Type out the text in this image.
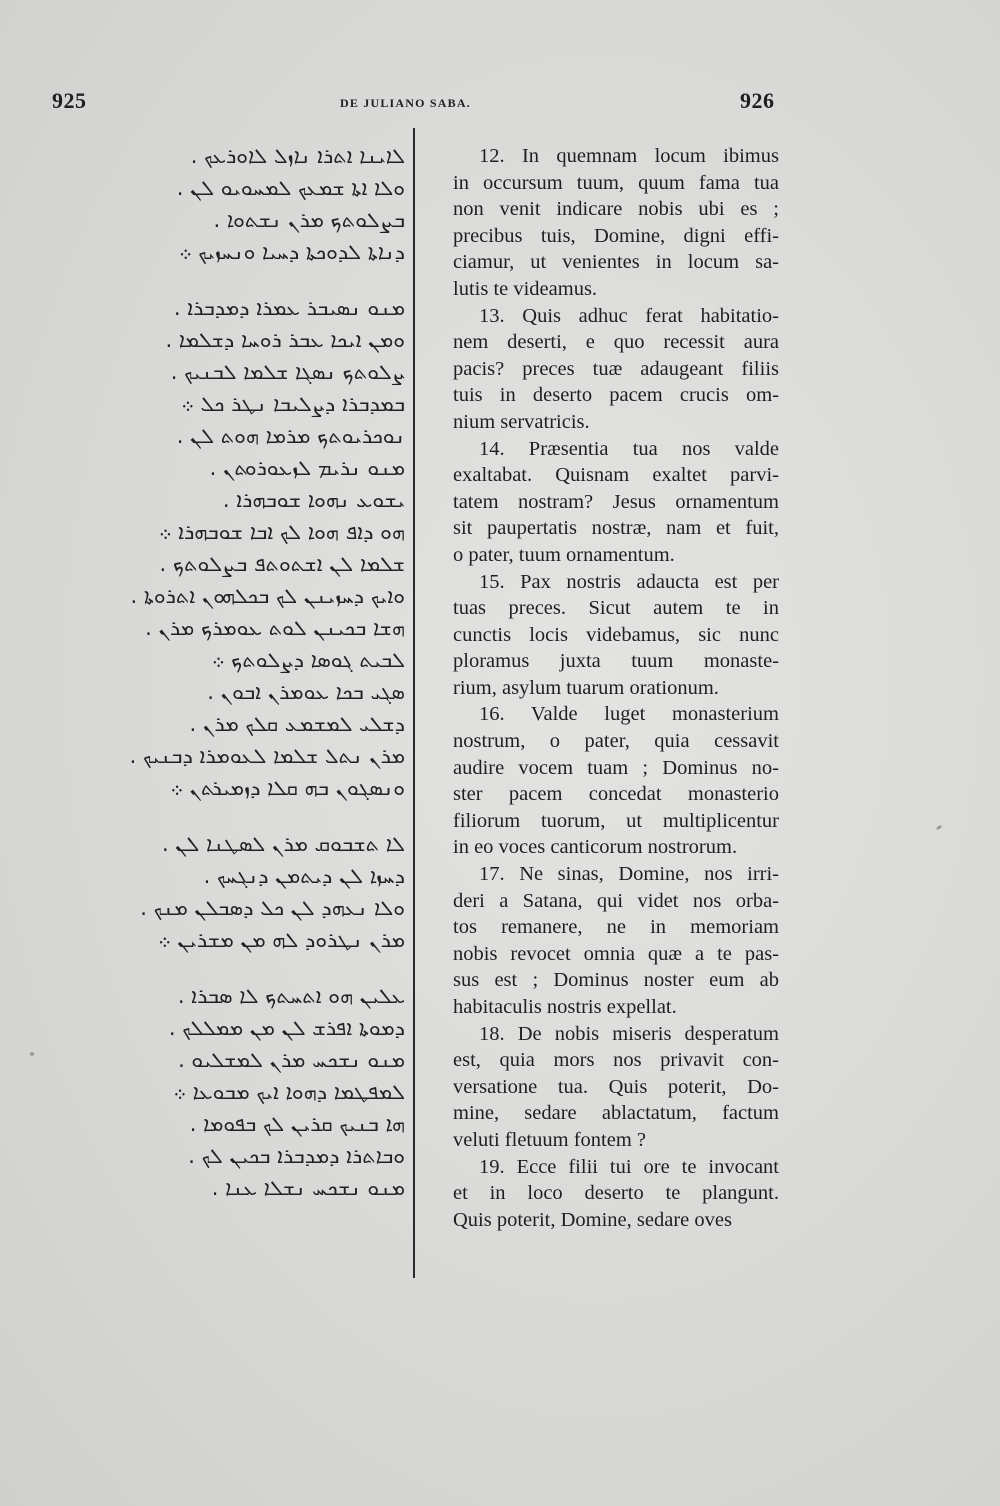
925	DE JULIANO SABA.	926
ܠܐܝܢܐ ܐܬܪܐ ܢܐܙܠ ܠܐܘܪܥܟ .
ܘܠܐ ܐܬܐ ܫܡܥܟ ܠܡܚܘܝܘ ܠܢ .
ܒܨܠܘܬܟ ܡܪܢ ܢܫܬܘܐ .
ܕܢܐܬܐ ܠܕܘܟܬܐ ܕܚܝܐ ܘܢܚܙܝܟ ܀
ܡܢܘ ܢܣܝܒܪ ܥܡܪܐ ܕܡܕܒܪܐ .
ܘܡܢ ܐܝܟܐ ܥܒܪ ܪܘܚܐ ܕܫܠܡܐ .
ܨܠܘܬܟ ܢܣܓܐ ܫܠܡܐ ܠܒܢܝܟ .
ܒܡܕܒܪܐ ܕܨܠܝܒܐ ܢܛܪ ܟܠ ܀
ܢܘܟܪܝܘܬܟ ܡܪܡܐ ܗܘܬ ܠܢ .
ܡܢܘ ܢܪܝܡ ܠܙܥܘܪܘܬܢ .
ܝܫܘܥ ܢܗܘܐ ܫܘܒܗܪܐ .
ܗܘ ܕܐܦ ܗܘܐ ܠܟ ܐܒܐ ܫܘܒܗܪܐ ܀
ܫܠܡܐ ܠܢ ܐܫܬܘܬܦ ܒܨܠܘܬܟ .
ܘܐܝܟ ܕܚܙܝܢܢ ܠܟ ܒܟܠܗܘܢ ܐܬܪܘܬܐ .
ܗܫܐ ܒܟܝܢܢ ܠܘܬ ܥܘܡܪܟ ܡܪܢ .
ܠܒܝܬ ܓܘܣܐ ܕܨܠܘܬܟ ܀
ܣܓܝ ܒܟܐ ܥܘܡܪܢ ܐܒܘܢ .
ܕܫܠܝ ܠܡܫܡܥ ܩܠܟ ܡܪܢ .
ܡܪܢ ܢܬܠ ܫܠܡܐ ܠܥܘܡܪܐ ܕܒܢܝܟ .
ܘܢܣܓܘܢ ܒܗ ܩܠܐ ܕܙܡܝܪܬܢ ܀
ܠܐ ܬܫܒܘܩ ܡܪܢ ܠܣܛܢܐ ܠܢ .
ܕܚܙܐ ܠܢ ܕܝܬܡܢ ܕܢܓܚܟ .
ܘܠܐ ܢܥܗܕ ܠܢ ܟܠ ܕܣܒܠܢ ܡܢܟ .
ܡܪܢ ܢܛܪܘܕ ܠܗ ܡܢ ܡܫܪܝܢ ܀
ܥܠܝܢ ܗܘ ܐܬܚܬܟ ܠܐ ܣܒܪܐ .
ܕܡܘܬܐ ܐܦܪܫ ܠܢ ܡܢ ܡܡܠܠܟ .
ܡܢܘ ܢܫܟܚ ܡܪܢ ܠܡܫܠܝܘ .
ܠܡܦܛܡܐ ܕܗܘܐ ܐܝܟ ܡܒܘܥܐ ܀
ܗܐ ܒܢܝܟ ܩܪܝܢ ܠܟ ܒܦܘܡܐ .
ܘܒܐܬܪܐ ܕܡܕܒܪܐ ܒܟܝܢ ܠܟ .
ܡܢܘ ܢܫܟܚ ܢܫܠܐ ܥܢܐ .
12. In quemnam locum ibimus
in occursum tuum, quum fama tua
non venit indicare nobis ubi es ;
precibus tuis, Domine, digni effi-
ciamur, ut venientes in locum sa-
lutis te videamus.
13. Quis adhuc ferat habitatio-
nem deserti, e quo recessit aura
pacis? preces tuæ adaugeant filiis
tuis in deserto pacem crucis om-
nium servatricis.
14. Præsentia tua nos valde
exaltabat. Quisnam exaltet parvi-
tatem nostram? Jesus ornamentum
sit paupertatis nostræ, nam et fuit,
o pater, tuum ornamentum.
15. Pax nostris adaucta est per
tuas preces. Sicut autem te in
cunctis locis videbamus, sic nunc
ploramus juxta tuum monaste-
rium, asylum tuarum orationum.
16. Valde luget monasterium
nostrum, o pater, quia cessavit
audire vocem tuam ; Dominus no-
ster pacem concedat monasterio
filiorum tuorum, ut multiplicentur
in eo voces canticorum nostrorum.
17. Ne sinas, Domine, nos irri-
deri a Satana, qui videt nos orba-
tos remanere, ne in memoriam
nobis revocet omnia quæ a te pas-
sus est ; Dominus noster eum ab
habitaculis nostris expellat.
18. De nobis miseris desperatum
est, quia mors nos privavit con-
versatione tua. Quis poterit, Do-
mine, sedare ablactatum, factum
veluti fletuum fontem ?
19. Ecce filii tui ore te invocant
et in loco deserto te plangunt.
Quis poterit, Domine, sedare oves
